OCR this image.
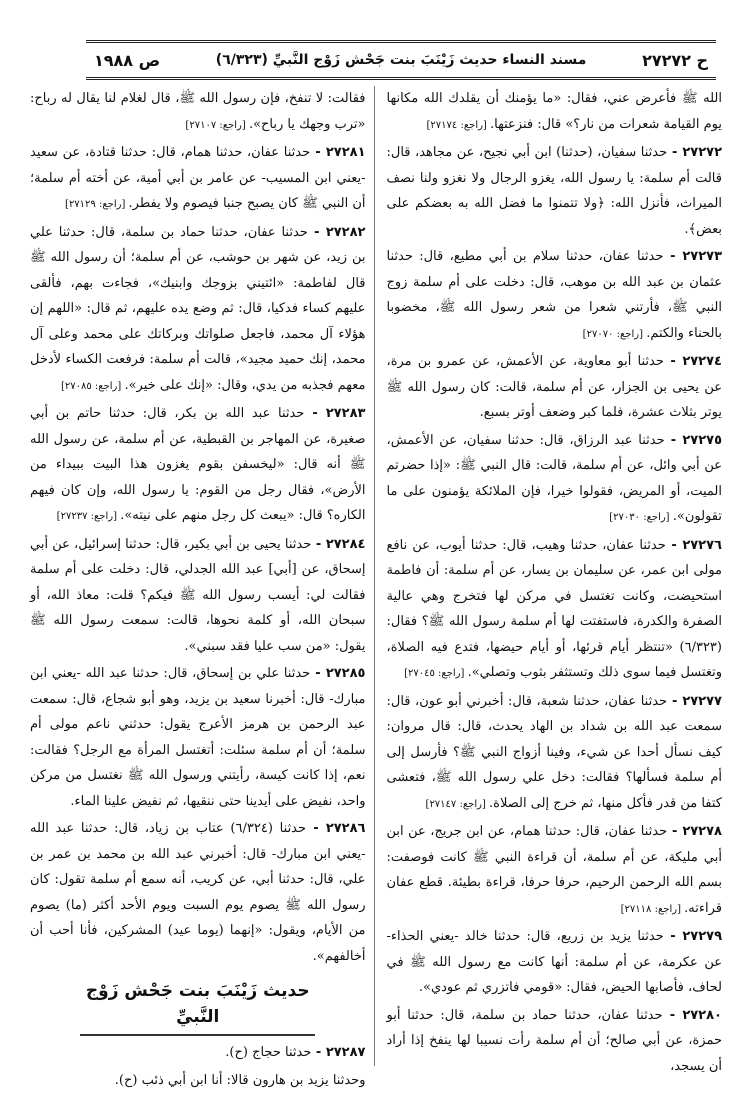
ح ٢٧٢٧٢
مسند النساء حديث زَيْنَبَ بنت جَحْش زَوْج النَّبيِّ (٦/٣٢٣)
ص ١٩٨٨

الله ﷺ فأعرض عني، فقال: «ما يؤمنك أن يقلدك الله مكانها يوم القيامة شعرات من نار؟» قال: فنزعتها. [راجع: ٢٧١٧٤]

٢٧٢٧٢ - حدثنا سفيان، (حدثنا) ابن أبي نجيح، عن مجاهد، قال: قالت أم سلمة: يا رسول الله، يغزو الرجال ولا نغزو ولنا نصف الميراث، فأنزل الله: ﴿ولا تتمنوا ما فضل الله به بعضكم على بعض﴾.

٢٧٢٧٣ - حدثنا عفان، حدثنا سلام بن أبي مطيع، قال: حدثنا عثمان بن عبد الله بن موهب، قال: دخلت على أم سلمة زوج النبي ﷺ، فأرتني شعرا من شعر رسول الله ﷺ، مخضوبا بالحناء والكتم. [راجع: ٢٧٠٧٠]

٢٧٢٧٤ - حدثنا أبو معاوية، عن الأعمش، عن عمرو بن مرة، عن يحيى بن الجزار، عن أم سلمة، قالت: كان رسول الله ﷺ يوتر بثلاث عشرة، فلما كبر وضعف أوتر بسبع.

٢٧٢٧٥ - حدثنا عبد الرزاق، قال: حدثنا سفيان، عن الأعمش، عن أبي وائل، عن أم سلمة، قالت: قال النبي ﷺ: «إذا حضرتم الميت، أو المريض، فقولوا خيرا، فإن الملائكة يؤمنون على ما تقولون». [راجع: ٢٧٠٣٠]

٢٧٢٧٦ - حدثنا عفان، حدثنا وهيب، قال: حدثنا أيوب، عن نافع مولى ابن عمر، عن سليمان بن يسار، عن أم سلمة: أن فاطمة استحيضت، وكانت تغتسل في مركن لها فتخرج وهي عالية الصفرة والكدرة، فاستفتت لها أم سلمة رسول الله ﷺ؟ فقال: (٦/٣٢٣) «تنتظر أيام قرئها، أو أيام حيضها، فتدع فيه الصلاة، وتغتسل فيما سوى ذلك وتستثفر بثوب وتصلي». [راجع: ٢٧٠٤٥]

٢٧٢٧٧ - حدثنا عفان، حدثنا شعبة، قال: أخبرني أبو عون، قال: سمعت عبد الله بن شداد بن الهاد يحدث، قال: قال مروان: كيف نسأل أحدا عن شيء، وفينا أزواج النبي ﷺ؟ فأرسل إلى أم سلمة فسألها؟ فقالت: دخل علي رسول الله ﷺ، فتعشى كتفا من قدر فأكل منها، ثم خرج إلى الصلاة. [راجع: ٢٧١٤٧]

٢٧٢٧٨ - حدثنا عفان، قال: حدثنا همام، عن ابن جريج، عن ابن أبي مليكة، عن أم سلمة، أن قراءة النبي ﷺ كانت فوصفت: بسم الله الرحمن الرحيم، حرفا حرفا، قراءة بطيئة. قطع عفان قراءته. [راجع: ٢٧١١٨]

٢٧٢٧٩ - حدثنا يزيد بن زريع، قال: حدثنا خالد -يعني الحذاء- عن عكرمة، عن أم سلمة: أنها كانت مع رسول الله ﷺ في لحاف، فأصابها الحيض، فقال: «قومي فاتزري ثم عودي».

٢٧٢٨٠ - حدثنا عفان، حدثنا حماد بن سلمة، قال: حدثنا أبو حمزة، عن أبي صالح؛ أن أم سلمة رأت نسيبا لها ينفخ إذا أراد أن يسجد،

فقالت: لا تنفخ، فإن رسول الله ﷺ، قال لغلام لنا يقال له رباح: «ترب وجهك يا رباح». [راجع: ٢٧١٠٧]

٢٧٢٨١ - حدثنا عفان، حدثنا همام، قال: حدثنا قتادة، عن سعيد -يعني ابن المسيب- عن عامر بن أبي أمية، عن أخته أم سلمة؛ أن النبي ﷺ كان يصبح جنبا فيصوم ولا يفطر. [راجع: ٢٧١٢٩]

٢٧٢٨٢ - حدثنا عفان، حدثنا حماد بن سلمة، قال: حدثنا علي بن زيد، عن شهر بن حوشب، عن أم سلمة؛ أن رسول الله ﷺ قال لفاطمة: «ائتيني بزوجك وابنيك»، فجاءت بهم، فألقى عليهم كساء فدكيا، قال: ثم وضع يده عليهم، ثم قال: «اللهم إن هؤلاء آل محمد، فاجعل صلواتك وبركاتك على محمد وعلى آل محمد، إنك حميد مجيد»، قالت أم سلمة: فرفعت الكساء لأدخل معهم فجذبه من يدي، وقال: «إنك على خير». [راجع: ٢٧٠٨٥]

٢٧٢٨٣ - حدثنا عبد الله بن بكر، قال: حدثنا حاتم بن أبي صغيرة، عن المهاجر بن القبطية، عن أم سلمة، عن رسول الله ﷺ أنه قال: «ليخسفن بقوم يغزون هذا البيت ببيداء من الأرض»، فقال رجل من القوم: يا رسول الله، وإن كان فيهم الكاره؟ قال: «يبعث كل رجل منهم على نيته». [راجع: ٢٧٢٣٧]

٢٧٢٨٤ - حدثنا يحيى بن أبي بكير، قال: حدثنا إسرائيل، عن أبي إسحاق، عن [أبي] عبد الله الجدلي، قال: دخلت على أم سلمة فقالت لي: أيسب رسول الله ﷺ فيكم؟ قلت: معاذ الله، أو سبحان الله، أو كلمة نحوها، قالت: سمعت رسول الله ﷺ يقول: «من سب عليا فقد سبني».

٢٧٢٨٥ - حدثنا علي بن إسحاق، قال: حدثنا عبد الله -يعني ابن مبارك- قال: أخبرنا سعيد بن يزيد، وهو أبو شجاع، قال: سمعت عبد الرحمن بن هرمز الأعرج يقول: حدثني ناعم مولى أم سلمة؛ أن أم سلمة سئلت: أتغتسل المرأة مع الرجل؟ فقالت: نعم، إذا كانت كيسة، رأيتني ورسول الله ﷺ نغتسل من مركن واحد، نفيض على أيدينا حتى ننقيها، ثم نفيض علينا الماء.

٢٧٢٨٦ - حدثنا (٦/٣٢٤) عتاب بن زياد، قال: حدثنا عبد الله -يعني ابن مبارك- قال: أخبرني عبد الله بن محمد بن عمر بن علي، قال: حدثنا أبي، عن كريب، أنه سمع أم سلمة تقول: كان رسول الله ﷺ يصوم يوم السبت ويوم الأحد أكثر (ما) يصوم من الأيام، ويقول: «إنهما (يوما عيد) المشركين، فأنا أحب أن أخالفهم».

حديث زَيْنَبَ بنت جَحْش زَوْج النَّبيِّ

٢٧٢٨٧ - حدثنا حجاج (ح).

وحدثنا يزيد بن هارون قالا: أنا ابن أبي ذئب (ح).
